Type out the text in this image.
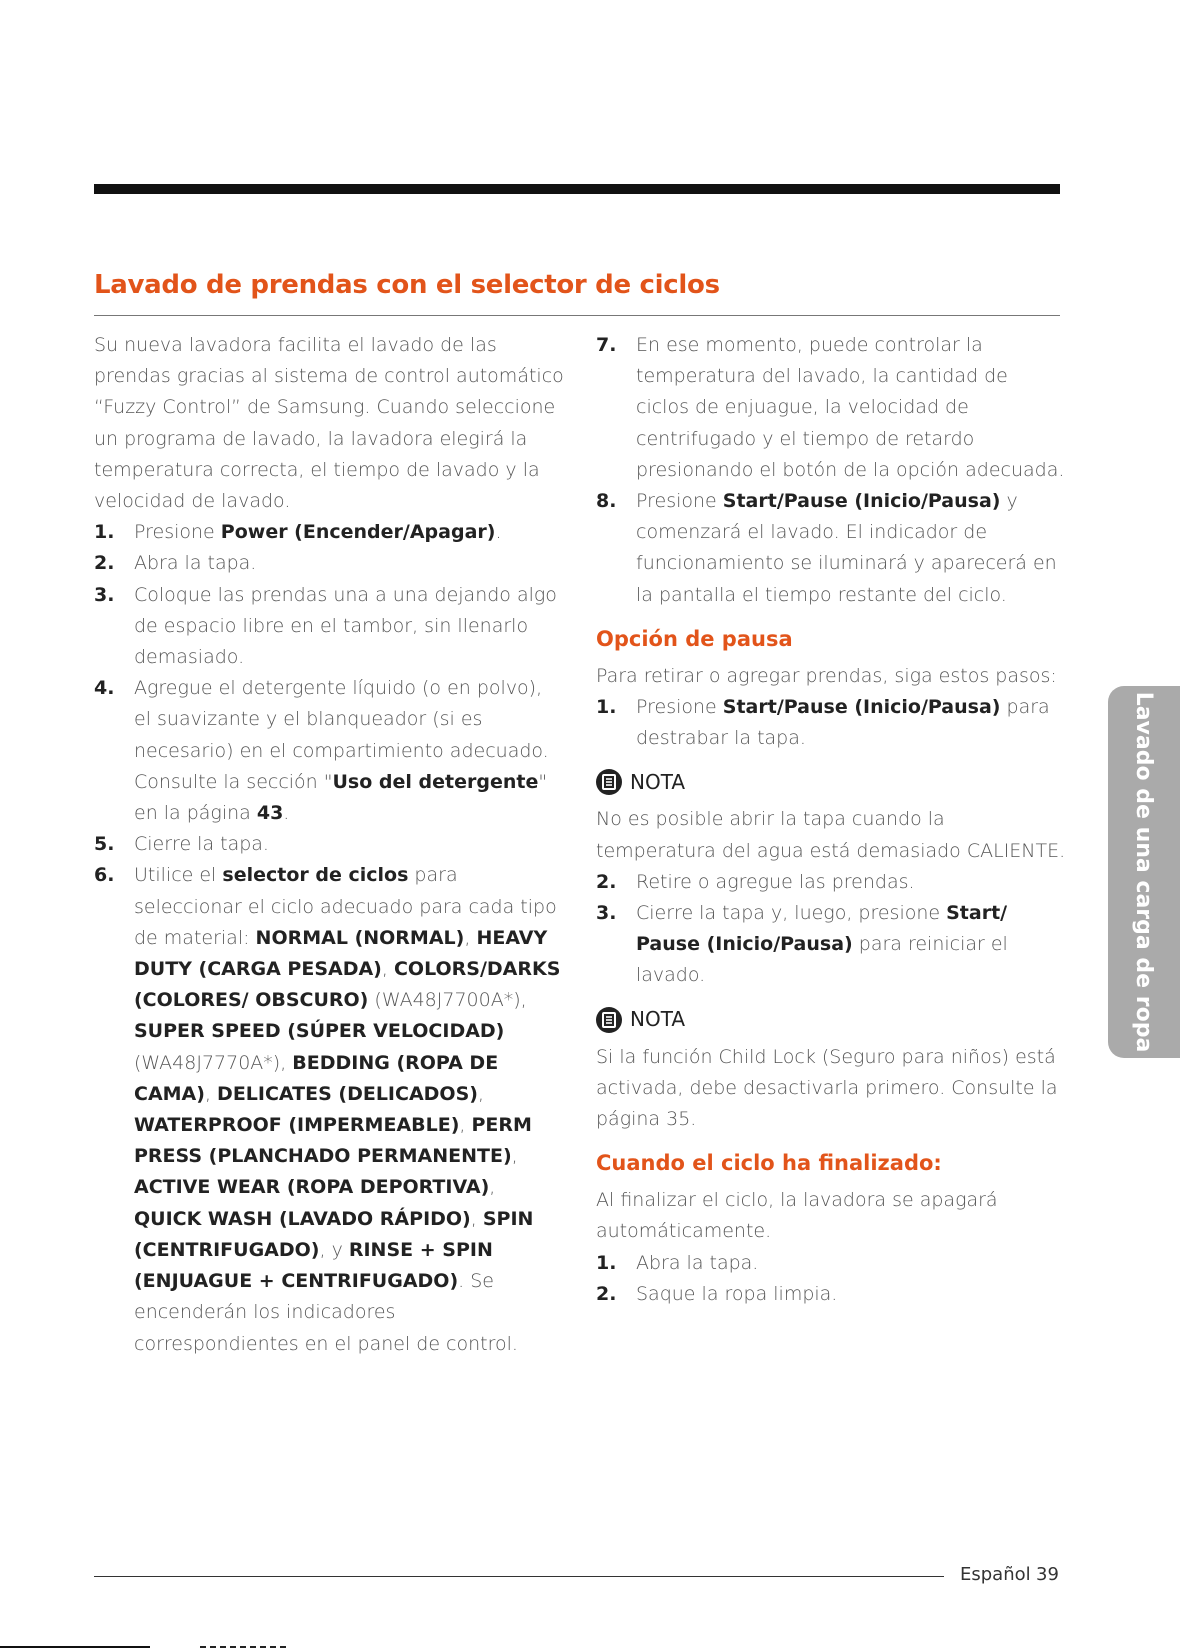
Lavado de prendas con el selector de ciclos

Su nueva lavadora facilita el lavado de las prendas gracias al sistema de control automático “Fuzzy Control” de Samsung. Cuando seleccione un programa de lavado, la lavadora elegirá la temperatura correcta, el tiempo de lavado y la velocidad de lavado.

1. Presione Power (Encender/Apagar).
2. Abra la tapa.
3. Coloque las prendas una a una dejando algo de espacio libre en el tambor, sin llenarlo demasiado.
4. Agregue el detergente líquido (o en polvo), el suavizante y el blanqueador (si es necesario) en el compartimiento adecuado. Consulte la sección "Uso del detergente" en la página 43.
5. Cierre la tapa.
6. Utilice el selector de ciclos para seleccionar el ciclo adecuado para cada tipo de material: NORMAL (NORMAL), HEAVY DUTY (CARGA PESADA), COLORS/DARKS (COLORES/ OBSCURO) (WA48J7700A*), SUPER SPEED (SÚPER VELOCIDAD) (WA48J7770A*), BEDDING (ROPA DE CAMA), DELICATES (DELICADOS), WATERPROOF (IMPERMEABLE), PERM PRESS (PLANCHADO PERMANENTE), ACTIVE WEAR (ROPA DEPORTIVA), QUICK WASH (LAVADO RÁPIDO), SPIN (CENTRIFUGADO), y RINSE + SPIN (ENJUAGUE + CENTRIFUGADO). Se encenderán los indicadores correspondientes en el panel de control.
7. En ese momento, puede controlar la temperatura del lavado, la cantidad de ciclos de enjuague, la velocidad de centrifugado y el tiempo de retardo presionando el botón de la opción adecuada.
8. Presione Start/Pause (Inicio/Pausa) y comenzará el lavado. El indicador de funcionamiento se iluminará y aparecerá en la pantalla el tiempo restante del ciclo.
Opción de pausa

Para retirar o agregar prendas, siga estos pasos:

1. Presione Start/Pause (Inicio/Pausa) para destrabar la tapa.
NOTA

No es posible abrir la tapa cuando la temperatura del agua está demasiado CALIENTE.

2. Retire o agregue las prendas.
3. Cierre la tapa y, luego, presione Start/ Pause (Inicio/Pausa) para reiniciar el lavado.
NOTA

Si la función Child Lock (Seguro para niños) está activada, debe desactivarla primero. Consulte la página 35.

Cuando el ciclo ha finalizado:

Al finalizar el ciclo, la lavadora se apagará automáticamente.

1. Abra la tapa.
2. Saque la ropa limpia.
Lavado de una carga de ropa
Español 39
